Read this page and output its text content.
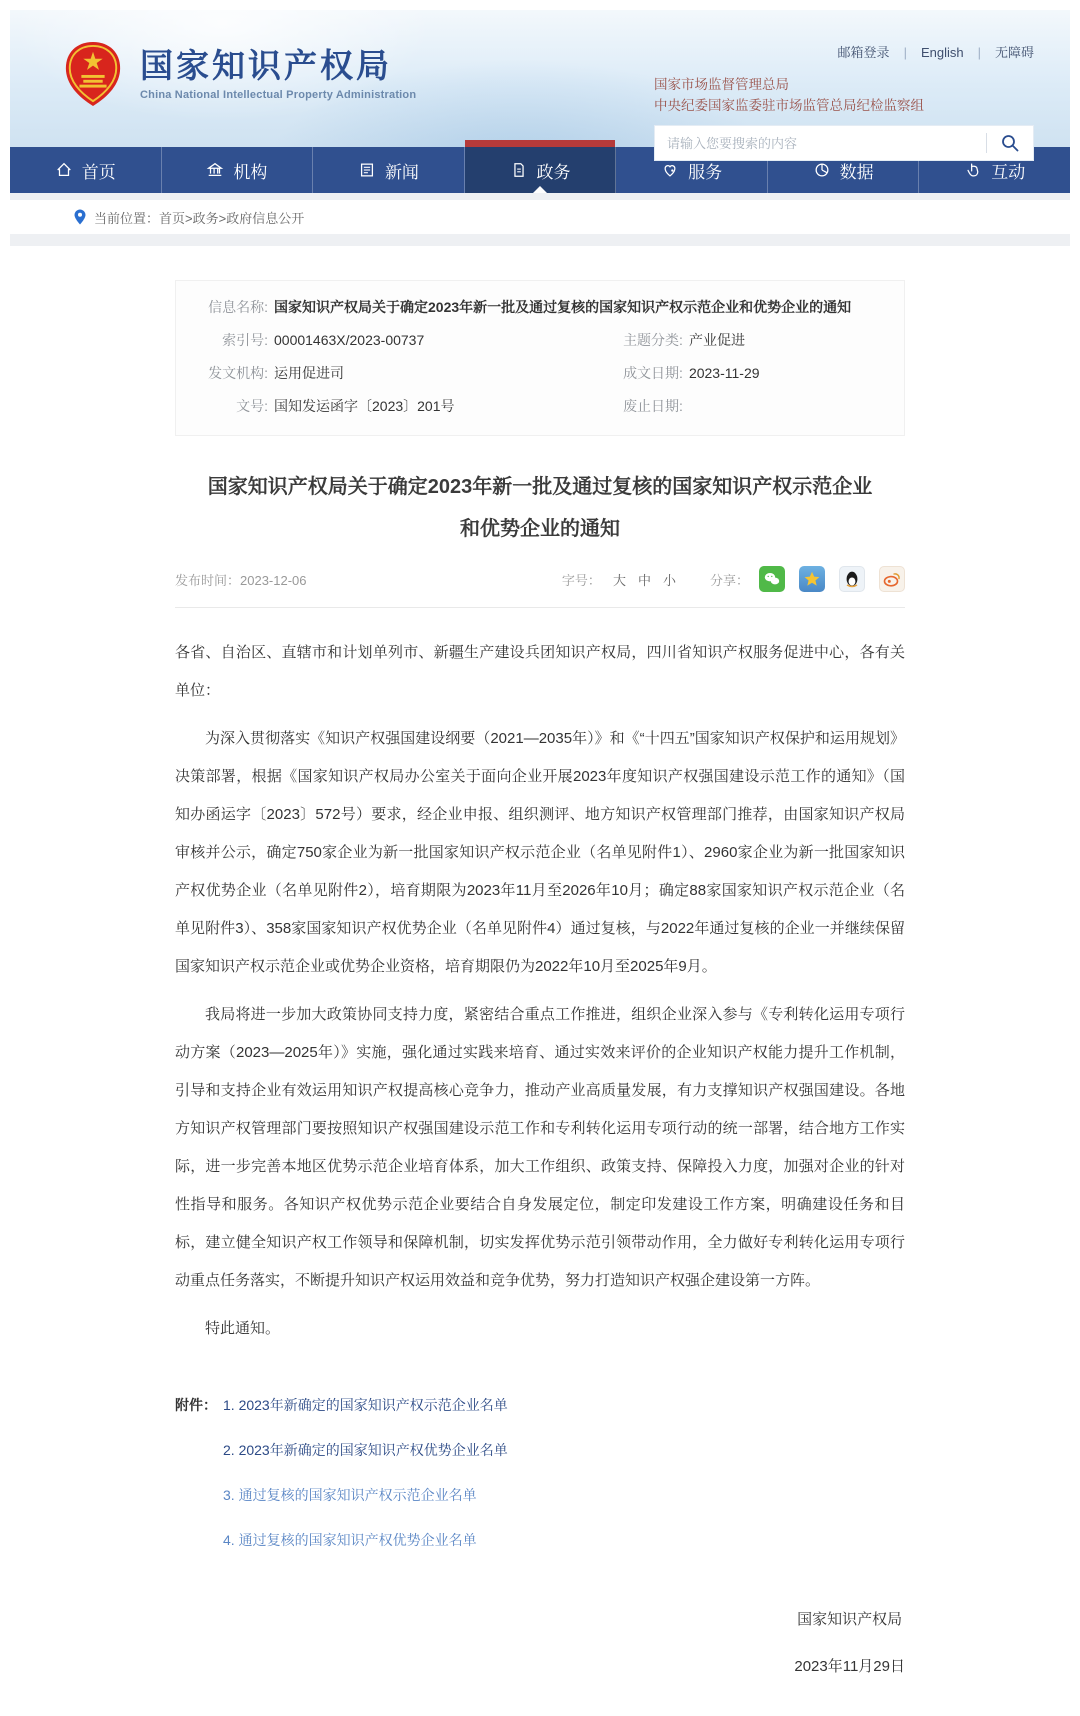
国家知识产权局
China National Intellectual Property Administration
邮箱登录 | English | 无障碍
国家市场监督管理总局
中央纪委国家监委驻市场监管总局纪检监察组
请输入您要搜索的内容
首页	机构	新闻	政务	服务	数据	互动
当前位置： 首页>政务>政府信息公开
信息名称: 国家知识产权局关于确定2023年新一批及通过复核的国家知识产权示范企业和优势企业的通知
索引号: 00001463X/2023-00737	主题分类: 产业促进
发文机构: 运用促进司	成文日期: 2023-11-29
文号: 国知发运函字〔2023〕201号	废止日期:
国家知识产权局关于确定2023年新一批及通过复核的国家知识产权示范企业
和优势企业的通知
发布时间：2023-12-06	字号： 大 中 小	分享：

各省、自治区、直辖市和计划单列市、新疆生产建设兵团知识产权局，四川省知识产权服务促进中心，各有关单位：

为深入贯彻落实《知识产权强国建设纲要（2021—2035年）》和《“十四五”国家知识产权保护和运用规划》决策部署，根据《国家知识产权局办公室关于面向企业开展2023年度知识产权强国建设示范工作的通知》（国知办函运字〔2023〕572号）要求，经企业申报、组织测评、地方知识产权管理部门推荐，由国家知识产权局审核并公示，确定750家企业为新一批国家知识产权示范企业（名单见附件1）、2960家企业为新一批国家知识产权优势企业（名单见附件2），培育期限为2023年11月至2026年10月；确定88家国家知识产权示范企业（名单见附件3）、358家国家知识产权优势企业（名单见附件4）通过复核，与2022年通过复核的企业一并继续保留国家知识产权示范企业或优势企业资格，培育期限仍为2022年10月至2025年9月。

我局将进一步加大政策协同支持力度，紧密结合重点工作推进，组织企业深入参与《专利转化运用专项行动方案（2023—2025年）》实施，强化通过实践来培育、通过实效来评价的企业知识产权能力提升工作机制，引导和支持企业有效运用知识产权提高核心竞争力，推动产业高质量发展，有力支撑知识产权强国建设。各地方知识产权管理部门要按照知识产权强国建设示范工作和专利转化运用专项行动的统一部署，结合地方工作实际，进一步完善本地区优势示范企业培育体系，加大工作组织、政策支持、保障投入力度，加强对企业的针对性指导和服务。各知识产权优势示范企业要结合自身发展定位，制定印发建设工作方案，明确建设任务和目标，建立健全知识产权工作领导和保障机制，切实发挥优势示范引领带动作用，全力做好专利转化运用专项行动重点任务落实，不断提升知识产权运用效益和竞争优势，努力打造知识产权强企建设第一方阵。

特此通知。

附件： 1. 2023年新确定的国家知识产权示范企业名单
2. 2023年新确定的国家知识产权优势企业名单
3. 通过复核的国家知识产权示范企业名单
4. 通过复核的国家知识产权优势企业名单
国家知识产权局
2023年11月29日
